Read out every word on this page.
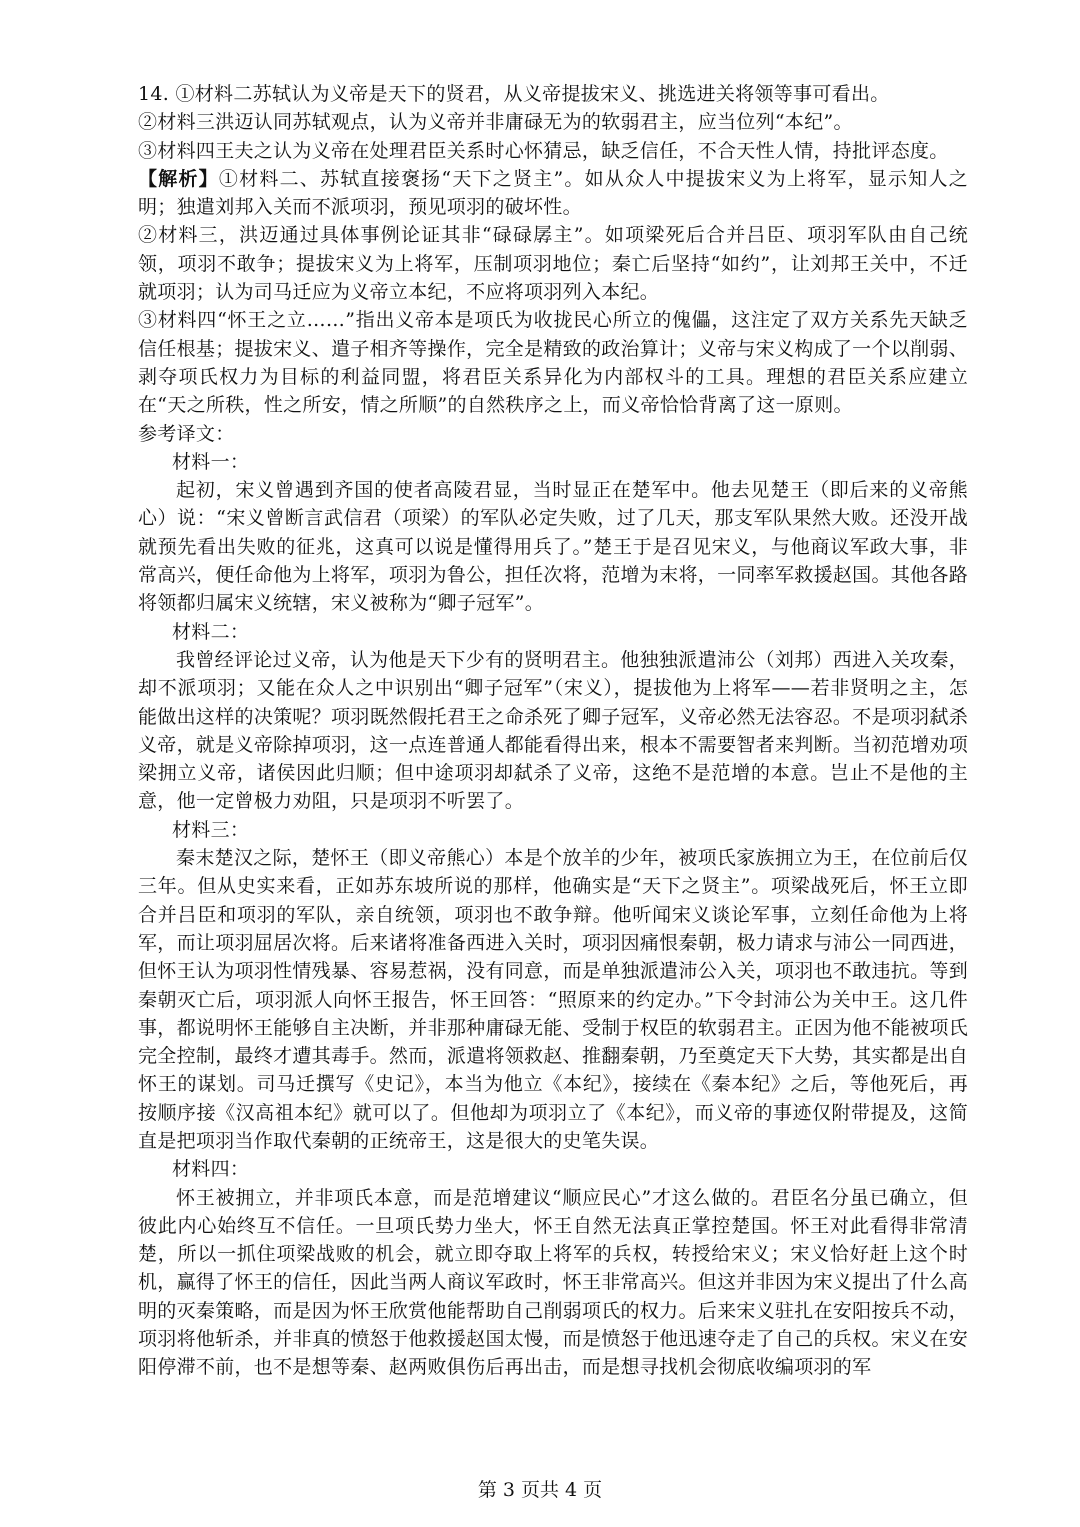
14. ①材料二苏轼认为义帝是天下的贤君，从义帝提拔宋义、挑选进关将领等事可看出。

②材料三洪迈认同苏轼观点，认为义帝并非庸碌无为的软弱君主，应当位列“本纪”。

③材料四王夫之认为义帝在处理君臣关系时心怀猜忌，缺乏信任，不合天性人情，持批评态度。

【解析】①材料二、苏轼直接褒扬“天下之贤主”。如从众人中提拔宋义为上将军，显示知人之明；独遣刘邦入关而不派项羽，预见项羽的破坏性。

②材料三，洪迈通过具体事例论证其非“碌碌孱主”。如项梁死后合并吕臣、项羽军队由自己统领，项羽不敢争；提拔宋义为上将军，压制项羽地位；秦亡后坚持“如约”，让刘邦王关中，不迁就项羽；认为司马迁应为义帝立本纪，不应将项羽列入本纪。

③材料四“怀王之立……”指出义帝本是项氏为收拢民心所立的傀儡，这注定了双方关系先天缺乏信任根基；提拔宋义、遣子相齐等操作，完全是精致的政治算计；义帝与宋义构成了一个以削弱、剥夺项氏权力为目标的利益同盟，将君臣关系异化为内部权斗的工具。理想的君臣关系应建立在“天之所秩，性之所安，情之所顺”的自然秩序之上，而义帝恰恰背离了这一原则。

参考译文：

材料一：

起初，宋义曾遇到齐国的使者高陵君显，当时显正在楚军中。他去见楚王（即后来的义帝熊心）说：“宋义曾断言武信君（项梁）的军队必定失败，过了几天，那支军队果然大败。还没开战就预先看出失败的征兆，这真可以说是懂得用兵了。”楚王于是召见宋义，与他商议军政大事，非常高兴，便任命他为上将军，项羽为鲁公，担任次将，范增为末将，一同率军救援赵国。其他各路将领都归属宋义统辖，宋义被称为“卿子冠军”。

材料二：

我曾经评论过义帝，认为他是天下少有的贤明君主。他独独派遣沛公（刘邦）西进入关攻秦，却不派项羽；又能在众人之中识别出“卿子冠军”（宋义），提拔他为上将军——若非贤明之主，怎能做出这样的决策呢？项羽既然假托君王之命杀死了卿子冠军，义帝必然无法容忍。不是项羽弑杀义帝，就是义帝除掉项羽，这一点连普通人都能看得出来，根本不需要智者来判断。当初范增劝项梁拥立义帝，诸侯因此归顺；但中途项羽却弑杀了义帝，这绝不是范增的本意。岂止不是他的主意，他一定曾极力劝阻，只是项羽不听罢了。

材料三：

秦末楚汉之际，楚怀王（即义帝熊心）本是个放羊的少年，被项氏家族拥立为王，在位前后仅三年。但从史实来看，正如苏东坡所说的那样，他确实是“天下之贤主”。项梁战死后，怀王立即合并吕臣和项羽的军队，亲自统领，项羽也不敢争辩。他听闻宋义谈论军事，立刻任命他为上将军，而让项羽屈居次将。后来诸将准备西进入关时，项羽因痛恨秦朝，极力请求与沛公一同西进，但怀王认为项羽性情残暴、容易惹祸，没有同意，而是单独派遣沛公入关，项羽也不敢违抗。等到秦朝灭亡后，项羽派人向怀王报告，怀王回答：“照原来的约定办。”下令封沛公为关中王。这几件事，都说明怀王能够自主决断，并非那种庸碌无能、受制于权臣的软弱君主。正因为他不能被项氏完全控制，最终才遭其毒手。然而，派遣将领救赵、推翻秦朝，乃至奠定天下大势，其实都是出自怀王的谋划。司马迁撰写《史记》，本当为他立《本纪》，接续在《秦本纪》之后，等他死后，再按顺序接《汉高祖本纪》就可以了。但他却为项羽立了《本纪》，而义帝的事迹仅附带提及，这简直是把项羽当作取代秦朝的正统帝王，这是很大的史笔失误。

材料四：

怀王被拥立，并非项氏本意，而是范增建议“顺应民心”才这么做的。君臣名分虽已确立，但彼此内心始终互不信任。一旦项氏势力坐大，怀王自然无法真正掌控楚国。怀王对此看得非常清楚，所以一抓住项梁战败的机会，就立即夺取上将军的兵权，转授给宋义；宋义恰好赶上这个时机，赢得了怀王的信任，因此当两人商议军政时，怀王非常高兴。但这并非因为宋义提出了什么高明的灭秦策略，而是因为怀王欣赏他能帮助自己削弱项氏的权力。后来宋义驻扎在安阳按兵不动，项羽将他斩杀，并非真的愤怒于他救援赵国太慢，而是愤怒于他迅速夺走了自己的兵权。宋义在安阳停滞不前，也不是想等秦、赵两败俱伤后再出击，而是想寻找机会彻底收编项羽的军

第 3 页共 4 页
